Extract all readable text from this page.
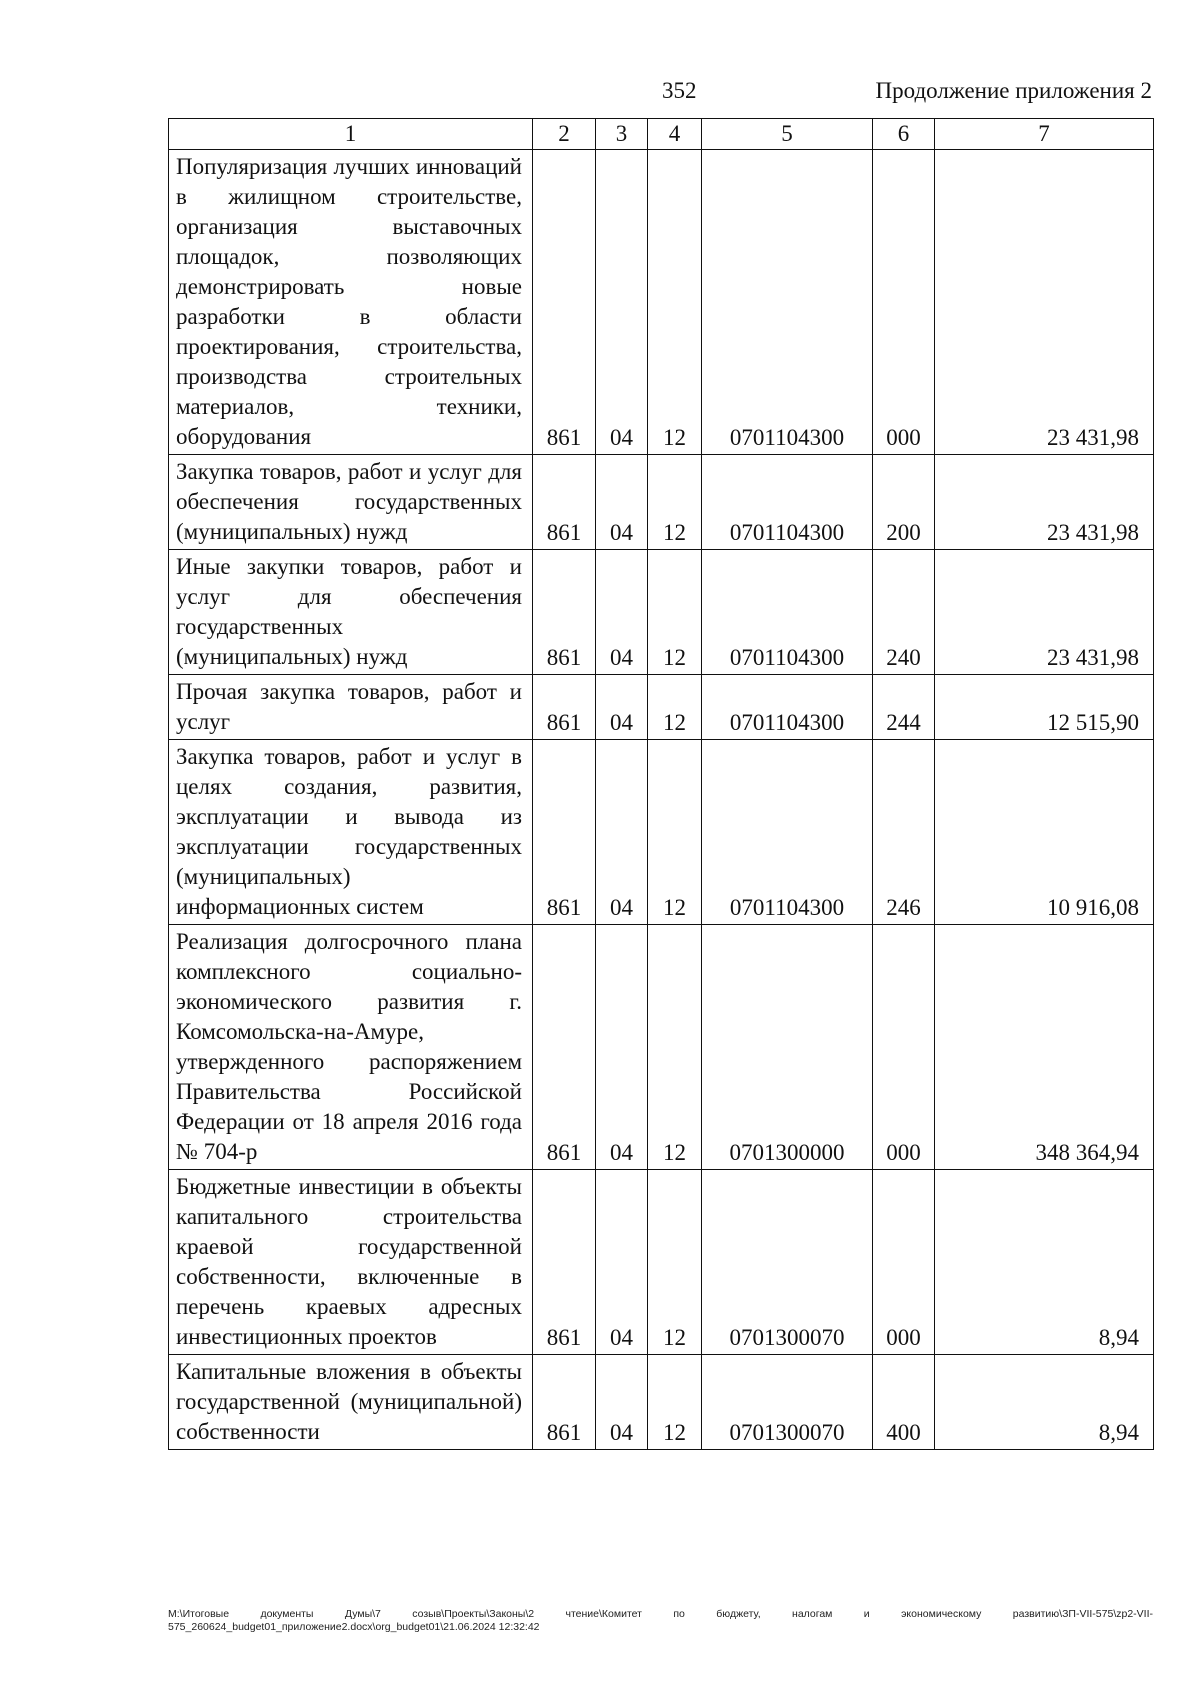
352	Продолжение приложения 2
1	2	3	4	5	6	7
Популяризация лучших инноваций в жилищном строительстве, организация выставочных площадок, позволяющих демонстрировать новые разработки в области проектирования, строительства, производства строительных материалов, техники, оборудования	861	04	12	0701104300	000	23 431,98
Закупка товаров, работ и услуг для обеспечения государственных (муниципальных) нужд	861	04	12	0701104300	200	23 431,98
Иные закупки товаров, работ и услуг для обеспечения государственных (муниципальных) нужд	861	04	12	0701104300	240	23 431,98
Прочая закупка товаров, работ и услуг	861	04	12	0701104300	244	12 515,90
Закупка товаров, работ и услуг в целях создания, развития, эксплуатации и вывода из эксплуатации государственных (муниципальных) информационных систем	861	04	12	0701104300	246	10 916,08
Реализация долгосрочного плана комплексного социально-экономического развития г. Комсомольска-на-Амуре, утвержденного распоряжением Правительства Российской Федерации от 18 апреля 2016 года № 704-р	861	04	12	0701300000	000	348 364,94
Бюджетные инвестиции в объекты капитального строительства краевой государственной собственности, включенные в перечень краевых адресных инвестиционных проектов	861	04	12	0701300070	000	8,94
Капитальные вложения в объекты государственной (муниципальной) собственности	861	04	12	0701300070	400	8,94
M:\Итоговые документы Думы\7 созыв\Проекты\Законы\2 чтение\Комитет по бюджету, налогам и экономическому развитию\ЗП-VII-575\zp2-VII-575_260624_budget01_приложение2.docx\org_budget01\21.06.2024 12:32:42
